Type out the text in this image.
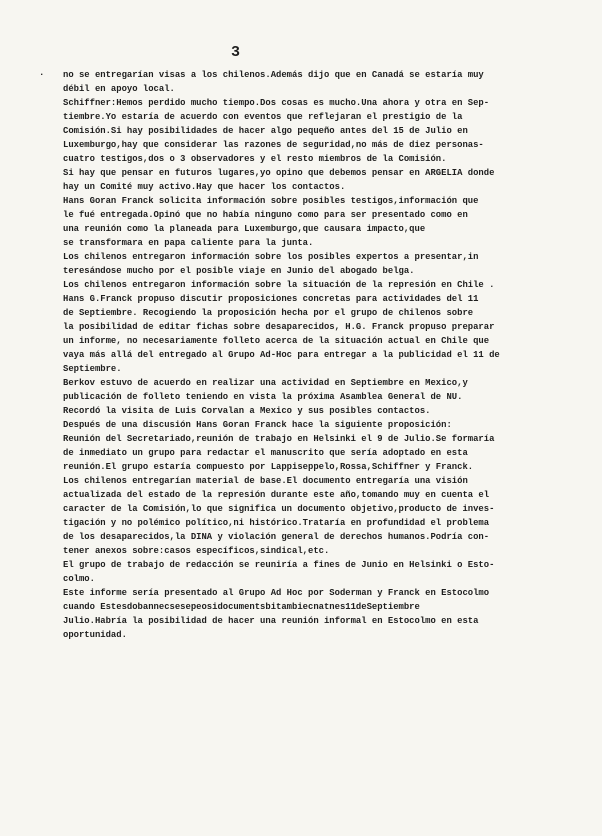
3
. no se entregarían visas a los chilenos.Además dijo que en Canadá se estaría muy
débil en apoyo local.
Schiffner:Hemos perdido mucho tiempo.Dos cosas es mucho.Una ahora y otra en Sep-
tiembre.Yo estaría de acuerdo con eventos que reflejaran el prestigio de la
Comisión.Si hay posibilidades de hacer algo pequeño antes del 15 de Julio en
Luxemburgo,hay que considerar las razones de seguridad,no más de diez personas-
cuatro testigos,dos o 3 observadores y el resto miembros de la Comisión.
Si hay que pensar en futuros lugares,yo opino que debemos pensar en ARGELIA donde
hay un Comité muy activo.Hay que hacer los contactos.
Hans Goran Franck solicita información sobre posibles testigos,información que
le fué entregada.Opinó que no había ninguno como para ser presentado como en
una reunión como la planeada para Luxemburgo,que causara impacto,que
se transformara en papa caliente para la junta.
Los chilenos entregaron información sobre los posibles expertos a presentar,in
teresándose mucho por el posible viaje en Junio del abogado belga.
Los chilenos entregaron información sobre la situación de la represión en Chile .
Hans G.Franck propuso discutir proposiciones concretas para actividades del 11
de Septiembre. Recogiendo la proposición hecha por el grupo de chilenos sobre
la posibilidad de editar fichas sobre desaparecidos, H.G. Franck propuso preparar
un informe, no necesariamente folleto acerca de la situación actual en Chile que
vaya más allá del entregado al Grupo Ad-Hoc para entregar a la publicidad el 11 de
Septiembre.
Berkov estuvo de acuerdo en realizar una actividad en Septiembre en Mexico,y
publicación de folleto teniendo en vista la próxima Asamblea General de NU.
Recordó la visita de Luis Corvalan a Mexico y sus posibles contactos.
Después de una discusión Hans Goran Franck hace la siguiente proposición:
Reunión del Secretariado,reunión de trabajo en Helsinki el 9 de Julio.Se formaría
de inmediato un grupo para redactar el manuscrito que sería adoptado en esta
reunión.El grupo estaría compuesto por Lappiseppelo,Rossa,Schiffner y Franck.
Los chilenos entregarían material de base.El documento entregaría una visión
actualizada del estado de la represión durante este año,tomando muy en cuenta el
caracter de la Comisión,lo que significa un documento objetivo,producto de inves-
tigación y no polémico político,ni histórico.Trataría en profundidad el problema
de los desaparecidos,la DINA y violación general de derechos humanos.Podría con-
tener anexos sobre:casos específicos,sindical,etc.
El grupo de trabajo de redacción se reuniría a fines de Junio en Helsinki o Esto-
colmo.
Este informe sería presentado al Grupo Ad Hoc por Soderman y Franck en Estocolmo
cuando Estesdobannecsesepeosidocumentsbitambiecnatnes11deSeptiembre
Julio.Habría la posibilidad de hacer una reunión informal en Estocolmo en esta
oportunidad.
